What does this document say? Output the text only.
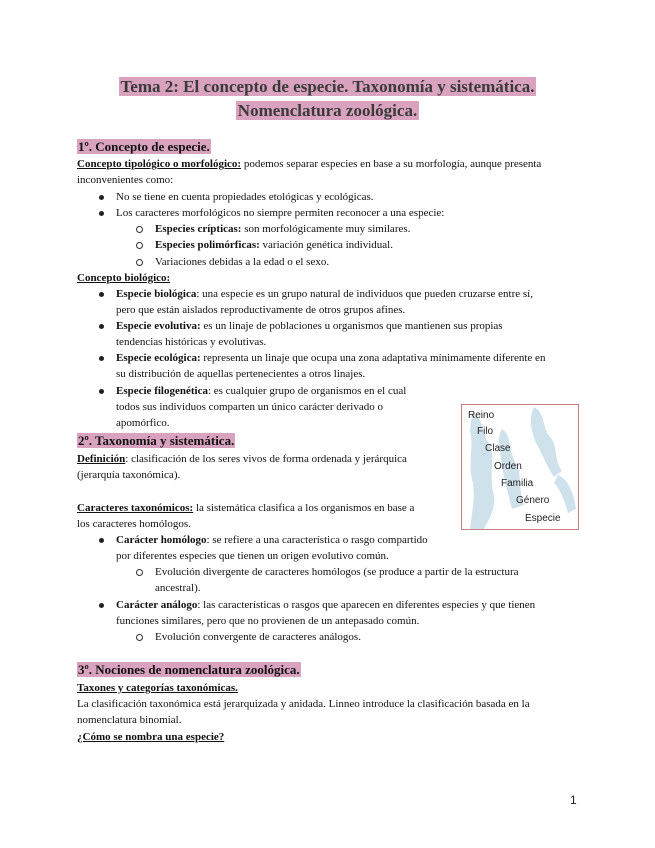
Tema 2: El concepto de especie. Taxonomía y sistemática.
Nomenclatura zoológica.
1º. Concepto de especie.
Concepto tipológico o morfológico: podemos separar especies en base a su morfología, aunque presenta
inconvenientes como:
No se tiene en cuenta propiedades etológicas y ecológicas.
Los caracteres morfológicos no siempre permiten reconocer a una especie:
Especies crípticas: son morfológicamente muy similares.
Especies polimórficas: variación genética individual.
Variaciones debidas a la edad o el sexo.
Concepto biológico:
Especie biológica: una especie es un grupo natural de individuos que pueden cruzarse entre sí,
pero que están aislados reproductivamente de otros grupos afines.
Especie evolutiva: es un linaje de poblaciones u organismos que mantienen sus propias
tendencias históricas y evolutivas.
Especie ecológica: representa un linaje que ocupa una zona adaptativa mínimamente diferente en
su distribución de aquellas pertenecientes a otros linajes.
Especie filogenética: es cualquier grupo de organismos en el cual
todos sus individuos comparten un único carácter derivado o
apomórfico.
Reino
Filo
Clase
Orden
Familia
Género
Especie
2º. Taxonomía y sistemática.
Definición: clasificación de los seres vivos de forma ordenada y jerárquica
(jerarquía taxonómica).
Caracteres taxonómicos: la sistemática clasifica a los organismos en base a
los caracteres homólogos.
Carácter homólogo: se refiere a una característica o rasgo compartido
por diferentes especies que tienen un origen evolutivo común.
Evolución divergente de caracteres homólogos (se produce a partir de la estructura
ancestral).
Carácter análogo: las características o rasgos que aparecen en diferentes especies y que tienen
funciones similares, pero que no provienen de un antepasado común.
Evolución convergente de caracteres análogos.
3º. Nociones de nomenclatura zoológica.
Taxones y categorías taxonómicas.
La clasificación taxonómica está jerarquizada y anidada. Linneo introduce la clasificación basada en la
nomenclatura binomial.
¿Cómo se nombra una especie?
1
